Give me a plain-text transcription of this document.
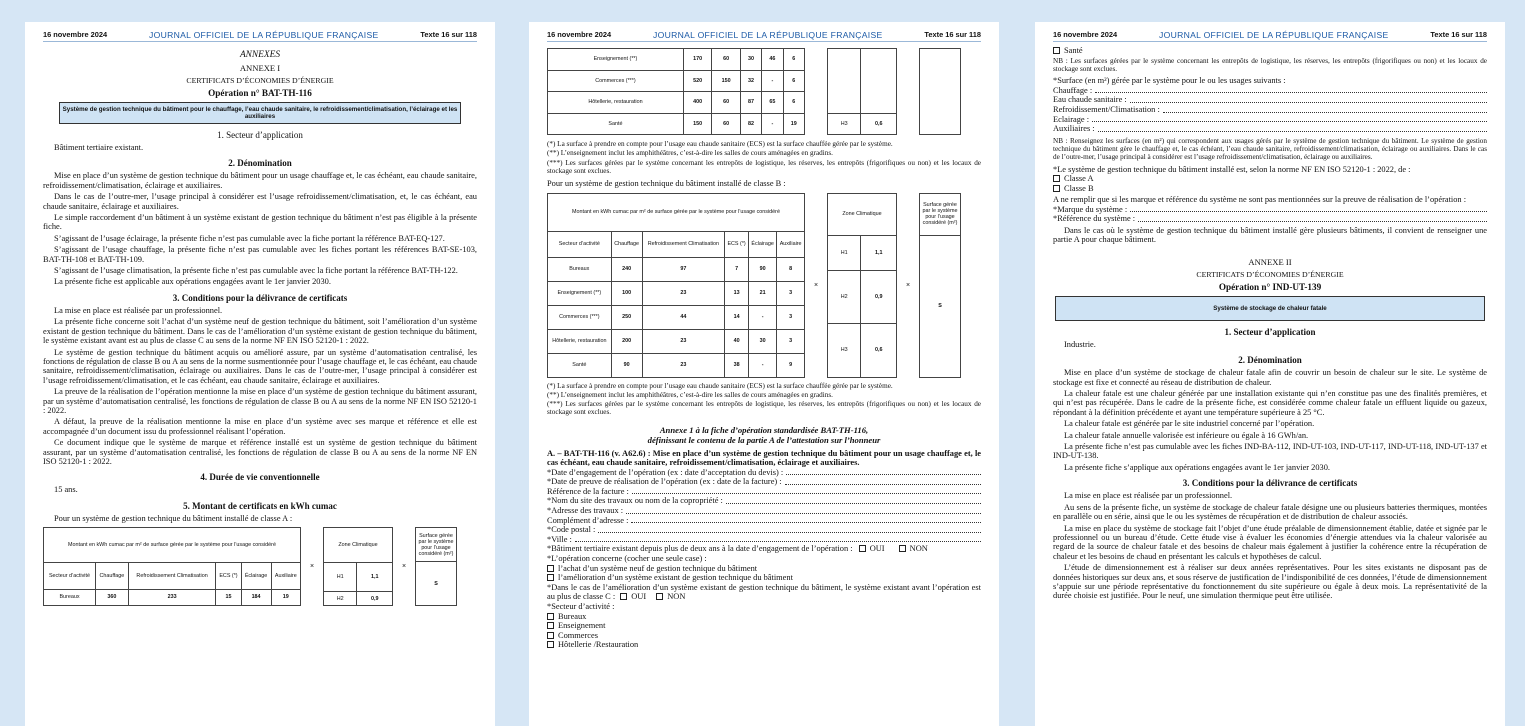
16 novembre 2024	JOURNAL OFFICIEL DE LA RÉPUBLIQUE FRANÇAISE	Texte 16 sur 118
ANNEXES
ANNEXE I
CERTIFICATS D’ÉCONOMIES D’ÉNERGIE
Opération n° BAT-TH-116
Système de gestion technique du bâtiment pour le chauffage, l’eau chaude sanitaire, le refroidissement/climatisation, l’éclairage et les auxiliaires
1. Secteur d’application
Bâtiment tertiaire existant.
2. Dénomination
Mise en place d’un système de gestion technique du bâtiment pour un usage chauffage et, le cas échéant, eau chaude sanitaire, refroidissement/climatisation, éclairage et auxiliaires.
Dans le cas de l’outre-mer, l’usage principal à considérer est l’usage refroidissement/climatisation, et, le cas échéant, eau chaude sanitaire, éclairage et auxiliaires.
Le simple raccordement d’un bâtiment à un système existant de gestion technique du bâtiment n’est pas éligible à la présente fiche.
S’agissant de l’usage éclairage, la présente fiche n’est pas cumulable avec la fiche portant la référence BAT-EQ-127.
S’agissant de l’usage chauffage, la présente fiche n’est pas cumulable avec les fiches portant les références BAT-SE-103, BAT-TH-108 et BAT-TH-109.
S’agissant de l’usage climatisation, la présente fiche n’est pas cumulable avec la fiche portant la référence BAT-TH-122.
La présente fiche est applicable aux opérations engagées avant le 1er janvier 2030.
3. Conditions pour la délivrance de certificats
La mise en place est réalisée par un professionnel.
La présente fiche concerne soit l’achat d’un système neuf de gestion technique du bâtiment, soit l’amélioration d’un système existant de gestion technique du bâtiment. Dans le cas de l’amélioration d’un système existant de gestion technique du bâtiment, le système existant avant est au plus de classe C au sens de la norme NF EN ISO 52120-1 : 2022.
Le système de gestion technique du bâtiment acquis ou amélioré assure, par un système d’automatisation centralisé, les fonctions de régulation de classe B ou A au sens de la norme susmentionnée pour l’usage chauffage et, le cas échéant, eau chaude sanitaire, refroidissement/climatisation, éclairage ou auxiliaires. Dans le cas de l’outre-mer, l’usage principal à considérer est l’usage refroidissement/climatisation, et le cas échéant, eau chaude sanitaire, éclairage et auxiliaires.
La preuve de la réalisation de l’opération mentionne la mise en place d’un système de gestion technique du bâtiment assurant, par un système d’automatisation centralisé, les fonctions de régulation de classe B ou A au sens de la norme NF EN ISO 52120-1 : 2022.
A défaut, la preuve de la réalisation mentionne la mise en place d’un système avec ses marque et référence et elle est accompagnée d’un document issu du professionnel réalisant l’opération.
Ce document indique que le système de marque et référence installé est un système de gestion technique du bâtiment assurant, par un système d’automatisation centralisé, les fonctions de régulation de classe B ou A au sens de la norme NF EN ISO 52120-1 : 2022.
4. Durée de vie conventionnelle
15 ans.
5. Montant de certificats en kWh cumac
Pour un système de gestion technique du bâtiment installé de classe A :
Montant en kWh cumac par m² de surface gérée par le système pour l’usage considéré					
Secteur d’activité	Chauffage	Refroidissement Climatisation	ECS (*)	Éclairage	Auxiliaire
Bureaux	360	233	15	184	19
×
Zone Climatique	
H1	1,1
H2	0,9
×
Surface gérée par le système pour l’usage considéré (m²)
S
16 novembre 2024	JOURNAL OFFICIEL DE LA RÉPUBLIQUE FRANÇAISE	Texte 16 sur 118
Enseignement (**)	170	60	30	46	6
Commerces (***)	520	150	32	-	6
Hôtellerie, restauration	400	60	87	65	6
Santé	150	60	82	-	19
		H3	0,6
(*) La surface à prendre en compte pour l’usage eau chaude sanitaire (ECS) est la surface chauffée gérée par le système.
(**) L’enseignement inclut les amphithéâtres, c’est-à-dire les salles de cours aménagées en gradins.
(***) Les surfaces gérées par le système concernant les entrepôts de logistique, les réserves, les entrepôts (frigorifiques ou non) et les locaux de stockage sont exclues.
Pour un système de gestion technique du bâtiment installé de classe B :
Montant en kWh cumac par m² de surface gérée par le système pour l’usage considéré					
Secteur d’activité	Chauffage	Refroidissement Climatisation	ECS (*)	Éclairage	Auxiliaire
Bureaux	240	97	7	90	8
Enseignement (**)	100	23	13	21	3
Commerces (***)	250	44	14	-	3
Hôtellerie, restauration	200	23	40	30	3
Santé	90	23	38	-	9
×
Zone Climatique	
H1	1,1
H2	0,9
H3	0,6
×
Surface gérée par le système pour l’usage considéré (m²)
S
(*) La surface à prendre en compte pour l’usage eau chaude sanitaire (ECS) est la surface chauffée gérée par le système.
(**) L’enseignement inclut les amphithéâtres, c’est-à-dire les salles de cours aménagées en gradins.
(***) Les surfaces gérées par le système concernant les entrepôts de logistique, les réserves, les entrepôts (frigorifiques ou non) et les locaux de stockage sont exclues.
Annexe 1 à la fiche d’opération standardisée BAT-TH-116,
définissant le contenu de la partie A de l’attestation sur l’honneur
A. – BAT-TH-116 (v. A62.6) : Mise en place d’un système de gestion technique du bâtiment pour un usage chauffage et, le cas échéant, eau chaude sanitaire, refroidissement/climatisation, éclairage et auxiliaires.
*Date d’engagement de l’opération (ex : date d’acceptation du devis) :
*Date de preuve de réalisation de l’opération (ex : date de la facture) :
Référence de la facture :
*Nom du site des travaux ou nom de la copropriété :
*Adresse des travaux :
Complément d’adresse :
*Code postal :
*Ville :
*Bâtiment tertiaire existant depuis plus de deux ans à la date d’engagement de l’opération : OUI	NON
*L’opération concerne (cocher une seule case) :
l’achat d’un système neuf de gestion technique du bâtiment
l’amélioration d’un système existant de gestion technique du bâtiment
*Dans le cas de l’amélioration d’un système existant de gestion technique du bâtiment, le système existant avant l’opération est au plus de classe C : OUI	NON
*Secteur d’activité :
Bureaux
Enseignement
Commerces
Hôtellerie /Restauration
16 novembre 2024	JOURNAL OFFICIEL DE LA RÉPUBLIQUE FRANÇAISE	Texte 16 sur 118
Santé
NB : Les surfaces gérées par le système concernant les entrepôts de logistique, les réserves, les entrepôts (frigorifiques ou non) et les locaux de stockage sont exclues.
*Surface (en m²) gérée par le système pour le ou les usages suivants :
Chauffage :
Eau chaude sanitaire :
Refroidissement/Climatisation :
Eclairage :
Auxiliaires :
NB : Renseignez les surfaces (en m²) qui correspondent aux usages gérés par le système de gestion technique du bâtiment. Le système de gestion technique du bâtiment gère le chauffage et, le cas échéant, l’eau chaude sanitaire, refroidissement/climatisation, éclairage ou auxiliaires. Dans le cas de l’outre-mer, l’usage principal à considérer est l’usage refroidissement/climatisation, éclairage ou auxiliaires.
*Le système de gestion technique du bâtiment installé est, selon la norme NF EN ISO 52120-1 : 2022, de :
Classe A
Classe B
A ne remplir que si les marque et référence du système ne sont pas mentionnées sur la preuve de réalisation de l’opération :
*Marque du système :
*Référence du système :
Dans le cas où le système de gestion technique du bâtiment installé gère plusieurs bâtiments, il convient de renseigner une partie A pour chaque bâtiment.
ANNEXE II
CERTIFICATS D’ÉCONOMIES D’ÉNERGIE
Opération n° IND-UT-139
Système de stockage de chaleur fatale
1. Secteur d’application
Industrie.
2. Dénomination
Mise en place d’un système de stockage de chaleur fatale afin de couvrir un besoin de chaleur sur le site. Le système de stockage est fixe et connecté au réseau de distribution de chaleur.
La chaleur fatale est une chaleur générée par une installation existante qui n’en constitue pas une des finalités premières, et qui n’est pas récupérée. Dans le cadre de la présente fiche, est considérée comme chaleur fatale un effluent liquide ou gazeux, répondant à la définition précédente et ayant une température supérieure à 25 °C.
La chaleur fatale est générée par le site industriel concerné par l’opération.
La chaleur fatale annuelle valorisée est inférieure ou égale à 16 GWh/an.
La présente fiche n’est pas cumulable avec les fiches IND-BA-112, IND-UT-103, IND-UT-117, IND-UT-118, IND-UT-137 et IND-UT-138.
La présente fiche s’applique aux opérations engagées avant le 1er janvier 2030.
3. Conditions pour la délivrance de certificats
La mise en place est réalisée par un professionnel.
Au sens de la présente fiche, un système de stockage de chaleur fatale désigne une ou plusieurs batteries thermiques, montées en parallèle ou en série, ainsi que le ou les systèmes de récupération et de distribution de chaleur associés.
La mise en place du système de stockage fait l’objet d’une étude préalable de dimensionnement établie, datée et signée par le professionnel ou un bureau d’étude. Cette étude vise à évaluer les économies d’énergie attendues via la chaleur valorisée au regard de la source de chaleur fatale et des besoins de chaleur mais également à justifier la cohérence entre la récupération de chaleur et les besoins de chaud en présentant les calculs et hypothèses de calcul.
L’étude de dimensionnement est à réaliser sur deux années représentatives. Pour les sites existants ne disposant pas de données historiques sur deux ans, et sous réserve de justification de l’indisponibilité de ces données, l’étude de dimensionnement s’appuie sur une période représentative du fonctionnement du site supérieure ou égale à deux mois. La représentativité de la durée choisie est justifiée. Pour le neuf, une simulation thermique peut être utilisée.
